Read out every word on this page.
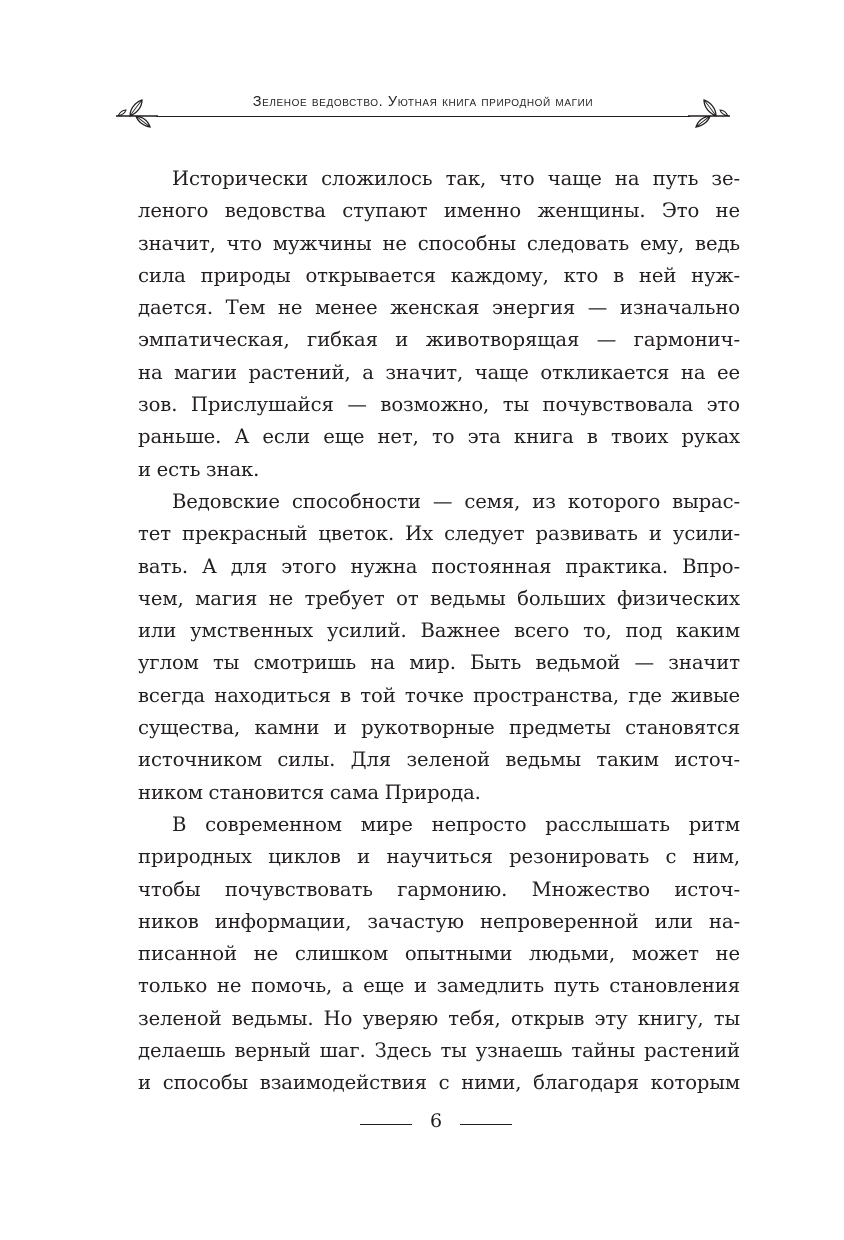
Зеленое ведовство. Уютная книга природной магии
Исторически сложилось так, что чаще на путь зе-
леного ведовства ступают именно женщины. Это не
значит, что мужчины не способны следовать ему, ведь
сила природы открывается каждому, кто в ней нуж-
дается. Тем не менее женская энергия — изначально
эмпатическая, гибкая и животворящая — гармонич-
на магии растений, а значит, чаще откликается на ее
зов. Прислушайся — возможно, ты почувствовала это
раньше. А если еще нет, то эта книга в твоих руках
и есть знак.
Ведовские способности — семя, из которого выраc-
тет прекрасный цветок. Их следует развивать и усили-
вать. А для этого нужна постоянная практика. Впро-
чем, магия не требует от ведьмы больших физических
или умственных усилий. Важнее всего то, под каким
углом ты смотришь на мир. Быть ведьмой — значит
всегда находиться в той точке пространства, где живые
существа, камни и рукотворные предметы становятся
источником силы. Для зеленой ведьмы таким источ-
ником становится сама Природа.
В современном мире непросто расслышать ритм
природных циклов и научиться резонировать с ним,
чтобы почувствовать гармонию. Множество источ-
ников информации, зачастую непроверенной или на-
писанной не слишком опытными людьми, может не
только не помочь, а еще и замедлить путь становления
зеленой ведьмы. Но уверяю тебя, открыв эту книгу, ты
делаешь верный шаг. Здесь ты узнаешь тайны растений
и способы взаимодействия с ними, благодаря которым
6
